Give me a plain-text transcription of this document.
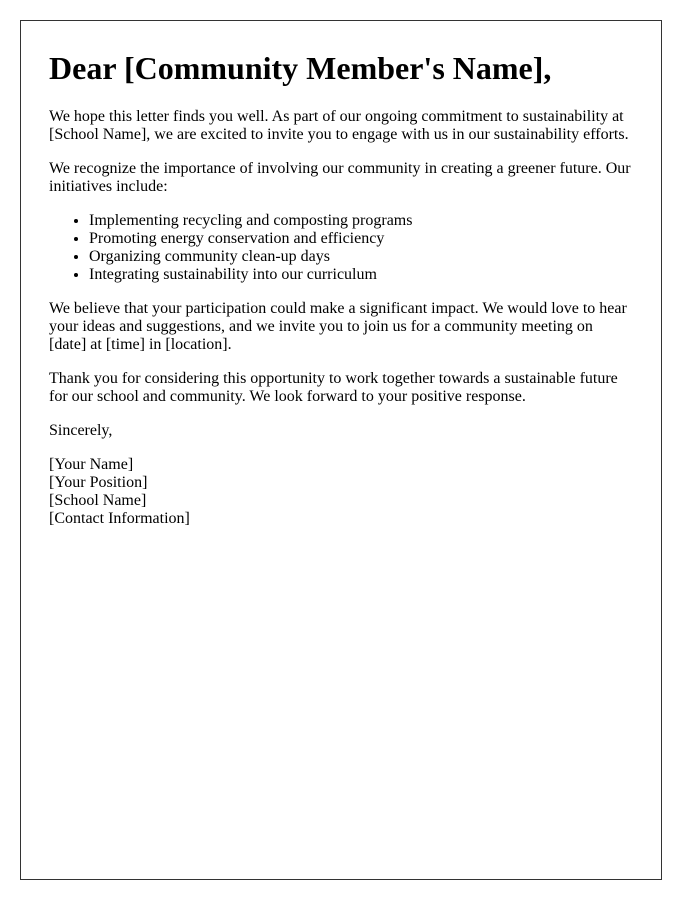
Dear [Community Member's Name],

We hope this letter finds you well. As part of our ongoing commitment to sustainability at [School Name], we are excited to invite you to engage with us in our sustainability efforts.

We recognize the importance of involving our community in creating a greener future. Our initiatives include:

• Implementing recycling and composting programs
• Promoting energy conservation and efficiency
• Organizing community clean-up days
• Integrating sustainability into our curriculum

We believe that your participation could make a significant impact. We would love to hear your ideas and suggestions, and we invite you to join us for a community meeting on [date] at [time] in [location].

Thank you for considering this opportunity to work together towards a sustainable future for our school and community. We look forward to your positive response.

Sincerely,

[Your Name]
[Your Position]
[School Name]
[Contact Information]
